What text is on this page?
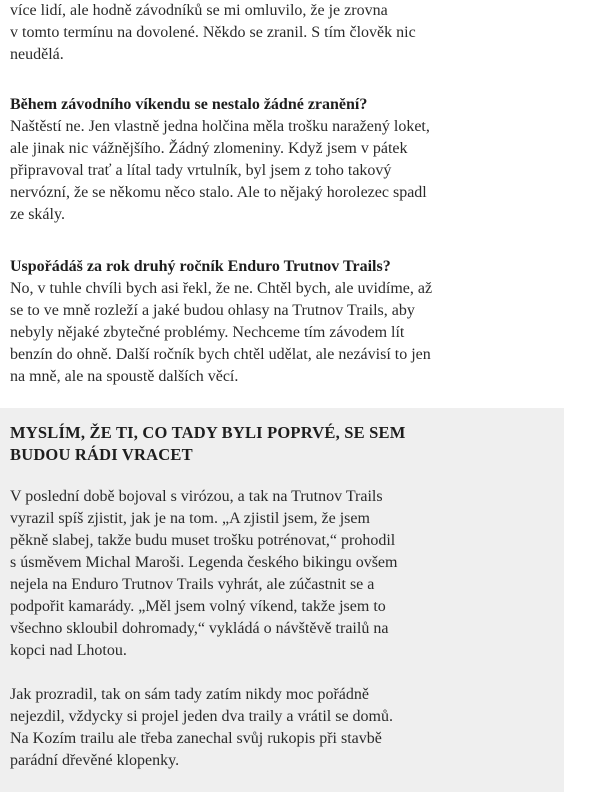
více lidí, ale hodně závodníků se mi omluvilo, že je zrovna
v tomto termínu na dovolené. Někdo se zranil. S tím člověk nic
neudělá.
Během závodního víkendu se nestalo žádné zranění?
Naštěstí ne. Jen vlastně jedna holčina měla trošku naražený loket,
ale jinak nic vážnějšího. Žádný zlomeniny. Když jsem v pátek
připravoval trať a lítal tady vrtulník, byl jsem z toho takový
nervózní, že se někomu něco stalo. Ale to nějaký horolezec spadl
ze skály.
Uspořádáš za rok druhý ročník Enduro Trutnov Trails?
No, v tuhle chvíli bych asi řekl, že ne. Chtěl bych, ale uvidíme, až
se to ve mně rozleží a jaké budou ohlasy na Trutnov Trails, aby
nebyly nějaké zbytečné problémy. Nechceme tím závodem lít
benzín do ohně. Další ročník bych chtěl udělat, ale nezávisí to jen
na mně, ale na spoustě dalších věcí.
MYSLÍM, ŽE TI, CO TADY BYLI POPRVÉ, SE SEM
BUDOU RÁDI VRACET
V poslední době bojoval s virózou, a tak na Trutnov Trails
vyrazil spíš zjistit, jak je na tom. „A zjistil jsem, že jsem
pěkně slabej, takže budu muset trošku potrénovat,“ prohodil
s úsměvem Michal Maroši. Legenda českého bikingu ovšem
nejela na Enduro Trutnov Trails vyhrát, ale zúčastnit se a
podpořit kamarády. „Měl jsem volný víkend, takže jsem to
všechno skloubil dohromady,“ vykládá o návštěvě trailů na
kopci nad Lhotou.
Jak prozradil, tak on sám tady zatím nikdy moc pořádně
nejezdil, vždycky si projel jeden dva traily a vrátil se domů.
Na Kozím trailu ale třeba zanechal svůj rukopis při stavbě
parádní dřevěné klopenky.
